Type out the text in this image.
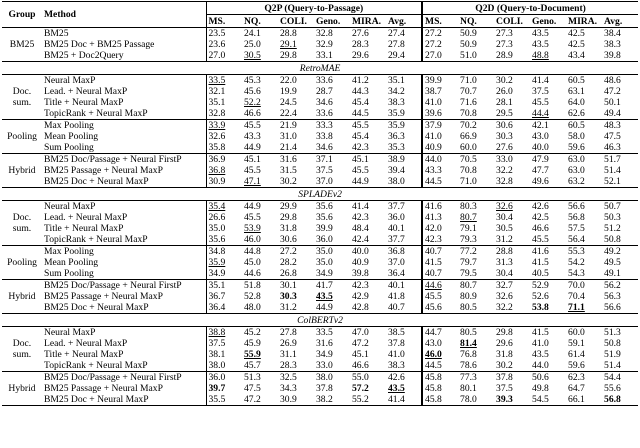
Group	Method	Q2P (Query-to-Passage)						Q2D (Query-to-Document)					
		MS.	NQ.	COLI.	Geno.	MIRA.	Avg.	MS.	NQ.	COLI.	Geno.	MIRA.	Avg.
BM25	BM25	23.5	24.1	28.8	32.8	27.6	27.4	27.2	50.9	27.3	43.5	42.5	38.4
	BM25 Doc + BM25 Passage	23.6	25.0	29.1	32.9	28.3	27.8	27.2	50.9	27.3	43.5	42.5	38.3
	BM25 + Doc2Query	27.0	30.5	29.8	33.1	29.6	29.4	27.0	51.0	28.9	48.8	43.4	39.8
RetroMAE													
Doc. sum.	Neural MaxP	33.5	45.3	22.0	33.6	41.2	35.1	39.9	71.0	30.2	41.4	60.5	48.6
	Lead. + Neural MaxP	32.1	45.6	19.9	28.7	44.3	34.2	38.7	70.7	26.0	37.5	63.1	47.2
	Title + Neural MaxP	35.1	52.2	24.5	34.6	45.4	38.3	41.0	71.6	28.1	45.5	64.0	50.1
	TopicRank + Neural MaxP	32.8	46.6	22.4	33.6	44.5	35.9	39.6	70.8	29.5	44.4	62.6	49.4
Pooling	Max Pooling	33.9	45.5	21.9	33.3	45.5	35.9	37.9	70.2	30.6	42.1	60.5	48.3
	Mean Pooling	32.6	43.3	31.0	33.8	45.4	36.3	41.0	66.9	30.3	43.0	58.0	47.5
	Sum Pooling	35.8	44.9	21.4	34.6	42.3	35.3	40.9	60.0	27.6	40.0	59.6	46.3
Hybrid	BM25 Doc/Passage + Neural FirstP	36.9	45.1	31.6	37.1	45.1	38.9	44.0	70.5	33.0	47.9	63.0	51.7
	BM25 Passage + Neural MaxP	36.8	45.5	31.5	37.5	45.5	39.4	43.3	70.8	32.2	47.7	63.0	51.4
	BM25 Doc + Neural MaxP	30.9	47.1	30.2	37.0	44.9	38.0	44.5	71.0	32.8	49.6	63.2	52.1
SPLADEv2													
Doc. sum.	Neural MaxP	35.4	44.9	29.9	35.6	41.4	37.7	41.6	80.3	32.6	42.6	56.6	50.7
	Lead. + Neural MaxP	26.6	45.5	29.8	35.6	42.3	36.0	41.3	80.7	30.4	42.5	56.8	50.3
	Title + Neural MaxP	35.0	53.9	31.8	39.9	48.4	40.1	42.0	79.1	30.5	46.6	57.5	51.2
	TopicRank + Neural MaxP	35.6	46.0	30.6	36.0	42.4	37.7	42.3	79.3	31.2	45.5	56.4	50.8
Pooling	Max Pooling	34.8	44.8	27.2	35.0	40.0	36.8	40.7	77.2	28.8	41.6	55.3	49.2
	Mean Pooling	35.9	45.0	28.2	35.0	40.9	37.0	41.5	79.7	31.3	41.5	54.2	49.5
	Sum Pooling	34.9	44.6	26.8	34.9	39.8	36.4	40.7	79.5	30.4	40.5	54.3	49.1
Hybrid	BM25 Doc/Passage + Neural FirstP	35.1	51.8	30.1	41.7	42.3	40.1	44.6	80.7	32.7	52.9	70.0	56.2
	BM25 Passage + Neural MaxP	36.7	52.8	30.3	43.5	42.9	41.8	45.5	80.9	32.6	52.6	70.4	56.3
	BM25 Doc + Neural MaxP	36.4	48.0	31.2	44.9	42.8	40.7	45.6	80.5	32.2	53.8	71.1	56.6
ColBERTv2													
Doc. sum.	Neural MaxP	38.8	45.2	27.8	33.5	47.0	38.5	44.7	80.5	29.8	41.5	60.0	51.3
	Lead. + Neural MaxP	37.5	45.9	26.9	31.6	47.2	37.8	43.0	81.4	29.6	41.0	59.1	50.8
	Title + Neural MaxP	38.1	55.9	31.1	34.9	45.1	41.0	46.0	76.8	31.8	43.5	61.4	51.9
	TopicRank + Neural MaxP	38.0	45.7	28.3	33.0	46.6	38.3	44.5	78.6	30.2	44.0	59.6	51.4
Hybrid	BM25 Doc/Passage + Neural FirstP	36.0	51.3	32.5	38.0	55.0	42.6	45.8	77.3	37.8	50.6	62.3	54.4
	BM25 Passage + Neural MaxP	39.7	47.5	34.3	37.8	57.2	43.5	45.8	80.1	37.5	49.8	64.7	55.6
	BM25 Doc + Neural MaxP	35.5	47.2	30.9	38.2	55.2	41.4	45.8	78.0	39.3	54.5	66.1	56.8
